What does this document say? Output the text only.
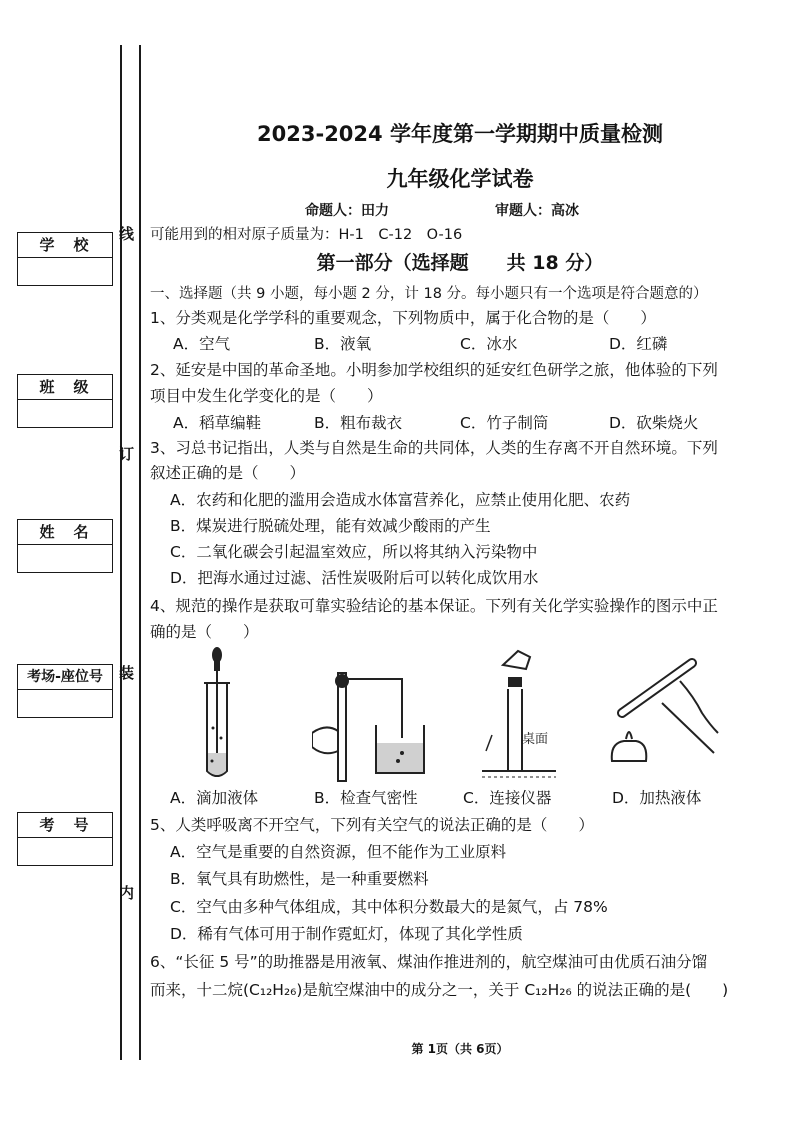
线
订
装
内
学　校
班　级
姓　名
考场-座位号
考　号
2023-2024 学年度第一学期期中质量检测
九年级化学试卷
命题人：田力	审题人：高冰
可能用到的相对原子质量为：H-1　C-12　O-16
第一部分（选择题　　共 18 分）
一、选择题（共 9 小题，每小题 2 分，计 18 分。每小题只有一个选项是符合题意的）
1、分类观是化学学科的重要观念，下列物质中，属于化合物的是（　　）
A．空气	B．液氧	C．冰水	D．红磷
2、延安是中国的革命圣地。小明参加学校组织的延安红色研学之旅，他体验的下列
项目中发生化学变化的是（　　）
A．稻草编鞋	B．粗布裁衣	C．竹子制筒	D．砍柴烧火
3、习总书记指出，人类与自然是生命的共同体，人类的生存离不开自然环境。下列
叙述正确的是（　　）
A．农药和化肥的滥用会造成水体富营养化，应禁止使用化肥、农药
B．煤炭进行脱硫处理，能有效减少酸雨的产生
C．二氧化碳会引起温室效应，所以将其纳入污染物中
D．把海水通过过滤、活性炭吸附后可以转化成饮用水
4、规范的操作是获取可靠实验结论的基本保证。下列有关化学实验操作的图示中正
确的是（　　）
桌面
A．滴加液体	B．检查气密性	C．连接仪器	D．加热液体
5、人类呼吸离不开空气，下列有关空气的说法正确的是（　　）
A．空气是重要的自然资源，但不能作为工业原料
B．氧气具有助燃性，是一种重要燃料
C．空气由多种气体组成，其中体积分数最大的是氮气，占 78%
D．稀有气体可用于制作霓虹灯，体现了其化学性质
6、“长征 5 号”的助推器是用液氧、煤油作推进剂的，航空煤油可由优质石油分馏
而来，十二烷(C₁₂H₂₆)是航空煤油中的成分之一，关于 C₁₂H₂₆ 的说法正确的是(　　)
第 1页（共 6页）
